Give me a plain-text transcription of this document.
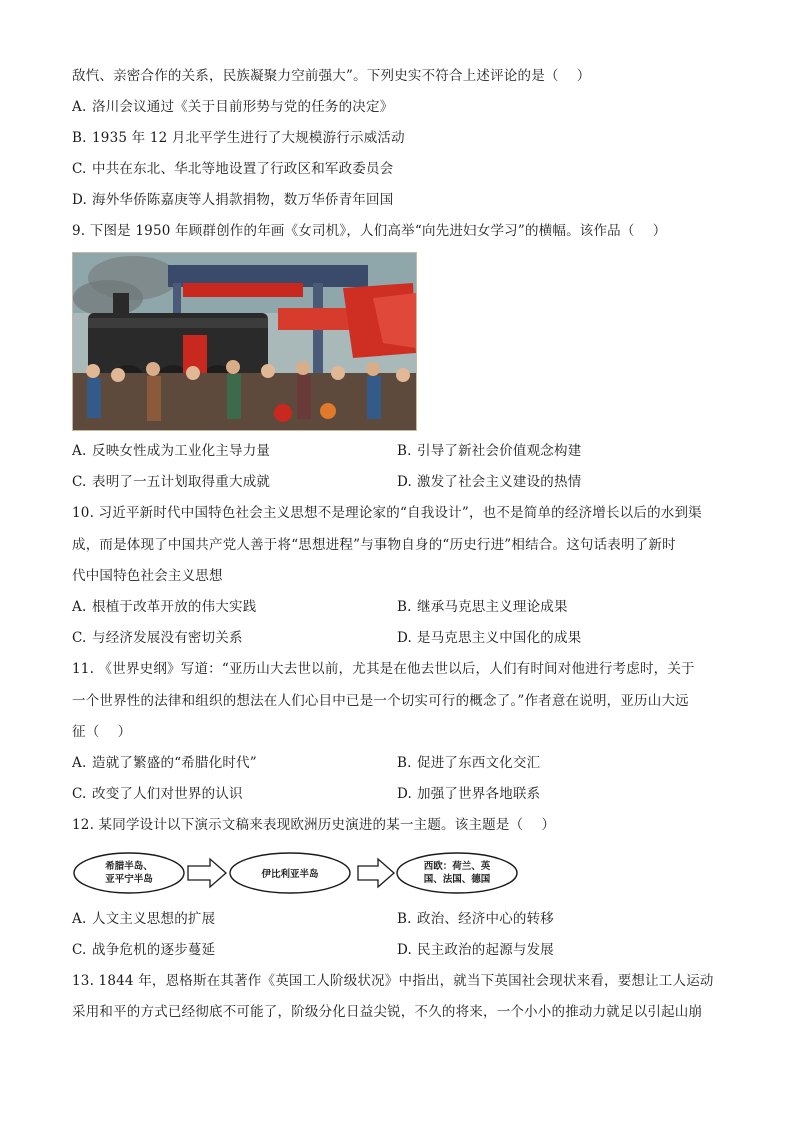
敌忾、亲密合作的关系，民族凝聚力空前强大”。下列史实不符合上述评论的是（　 ）
A. 洛川会议通过《关于目前形势与党的任务的决定》
B. 1935 年 12 月北平学生进行了大规模游行示威活动
C. 中共在东北、华北等地设置了行政区和军政委员会
D. 海外华侨陈嘉庚等人捐款捐物，数万华侨青年回国
9. 下图是 1950 年顾群创作的年画《女司机》，人们高举“向先进妇女学习”的横幅。该作品（　 ）
A. 反映女性成为工业化主导力量	B. 引导了新社会价值观念构建
C. 表明了一五计划取得重大成就	D. 激发了社会主义建设的热情
10. 习近平新时代中国特色社会主义思想不是理论家的“自我设计”，也不是简单的经济增长以后的水到渠
成，而是体现了中国共产党人善于将“思想进程”与事物自身的“历史行进”相结合。这句话表明了新时
代中国特色社会主义思想
A. 根植于改革开放的伟大实践	B. 继承马克思主义理论成果
C. 与经济发展没有密切关系	D. 是马克思主义中国化的成果
11. 《世界史纲》写道：“亚历山大去世以前，尤其是在他去世以后，人们有时间对他进行考虑时，关于
一个世界性的法律和组织的想法在人们心目中已是一个切实可行的概念了。”作者意在说明，亚历山大远
征（　 ）
A. 造就了繁盛的“希腊化时代”	B. 促进了东西文化交汇
C. 改变了人们对世界的认识	D. 加强了世界各地联系
12. 某同学设计以下演示文稿来表现欧洲历史演进的某一主题。该主题是（　 ）
希腊半岛、
亚平宁半岛	伊比利亚半岛
西欧：荷兰、英
国、法国、德国
A. 人文主义思想的扩展	B. 政治、经济中心的转移
C. 战争危机的逐步蔓延	D. 民主政治的起源与发展
13. 1844 年，恩格斯在其著作《英国工人阶级状况》中指出，就当下英国社会现状来看，要想让工人运动
采用和平的方式已经彻底不可能了，阶级分化日益尖锐，不久的将来，一个小小的推动力就足以引起山崩
